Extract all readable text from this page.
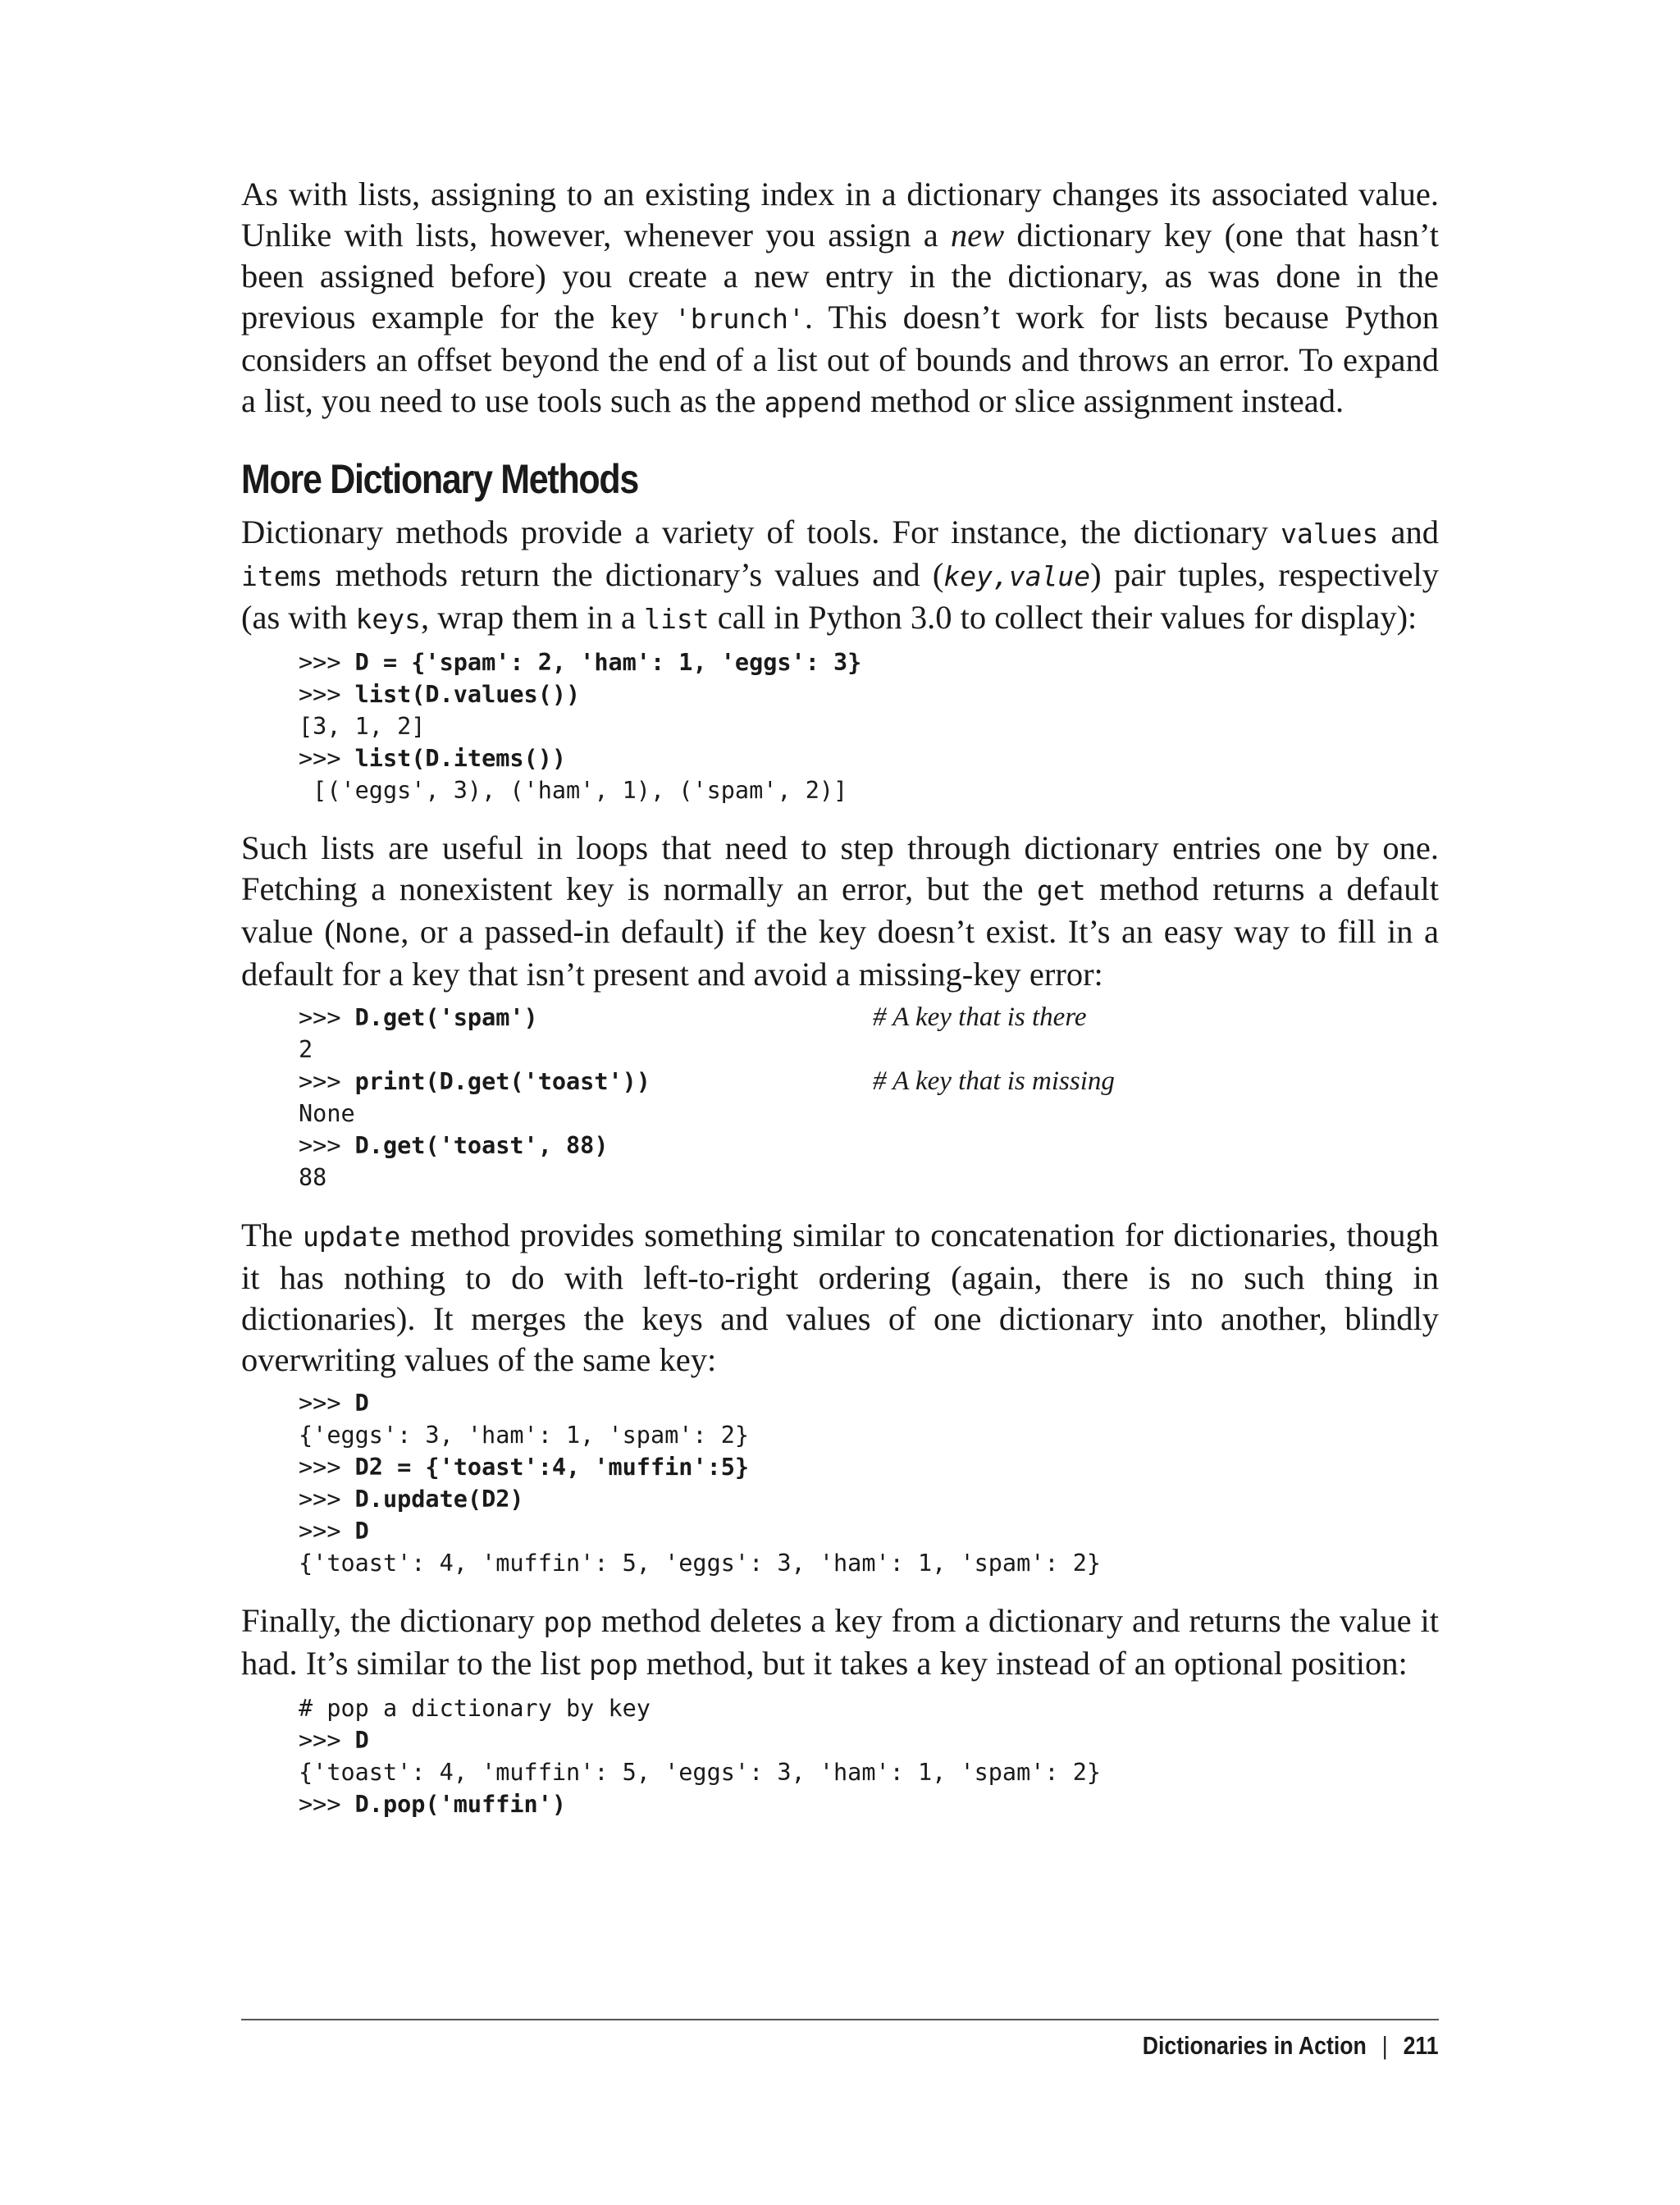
As with lists, assigning to an existing index in a dictionary changes its associated value. Unlike with lists, however, whenever you assign a new dictionary key (one that hasn’t been assigned before) you create a new entry in the dictionary, as was done in the previous example for the key 'brunch'. This doesn’t work for lists because Python considers an offset beyond the end of a list out of bounds and throws an error. To expand a list, you need to use tools such as the append method or slice assignment instead.

More Dictionary Methods

Dictionary methods provide a variety of tools. For instance, the dictionary values and items methods return the dictionary’s values and (key,value) pair tuples, respectively (as with keys, wrap them in a list call in Python 3.0 to collect their values for display):

>>> D = {'spam': 2, 'ham': 1, 'eggs': 3}
>>> list(D.values())
[3, 1, 2]
>>> list(D.items())
[('eggs', 3), ('ham', 1), ('spam', 2)]

Such lists are useful in loops that need to step through dictionary entries one by one. Fetching a nonexistent key is normally an error, but the get method returns a default value (None, or a passed-in default) if the key doesn’t exist. It’s an easy way to fill in a default for a key that isn’t present and avoid a missing-key error:

>>> D.get('spam')	# A key that is there
2
>>> print(D.get('toast'))	# A key that is missing
None
>>> D.get('toast', 88)
88

The update method provides something similar to concatenation for dictionaries, though it has nothing to do with left-to-right ordering (again, there is no such thing in dictionaries). It merges the keys and values of one dictionary into another, blindly overwriting values of the same key:

>>> D
{'eggs': 3, 'ham': 1, 'spam': 2}
>>> D2 = {'toast':4, 'muffin':5}
>>> D.update(D2)
>>> D
{'toast': 4, 'muffin': 5, 'eggs': 3, 'ham': 1, 'spam': 2}

Finally, the dictionary pop method deletes a key from a dictionary and returns the value it had. It’s similar to the list pop method, but it takes a key instead of an optional position:

# pop a dictionary by key
>>> D
{'toast': 4, 'muffin': 5, 'eggs': 3, 'ham': 1, 'spam': 2}
>>> D.pop('muffin')
Dictionaries in Action | 211
